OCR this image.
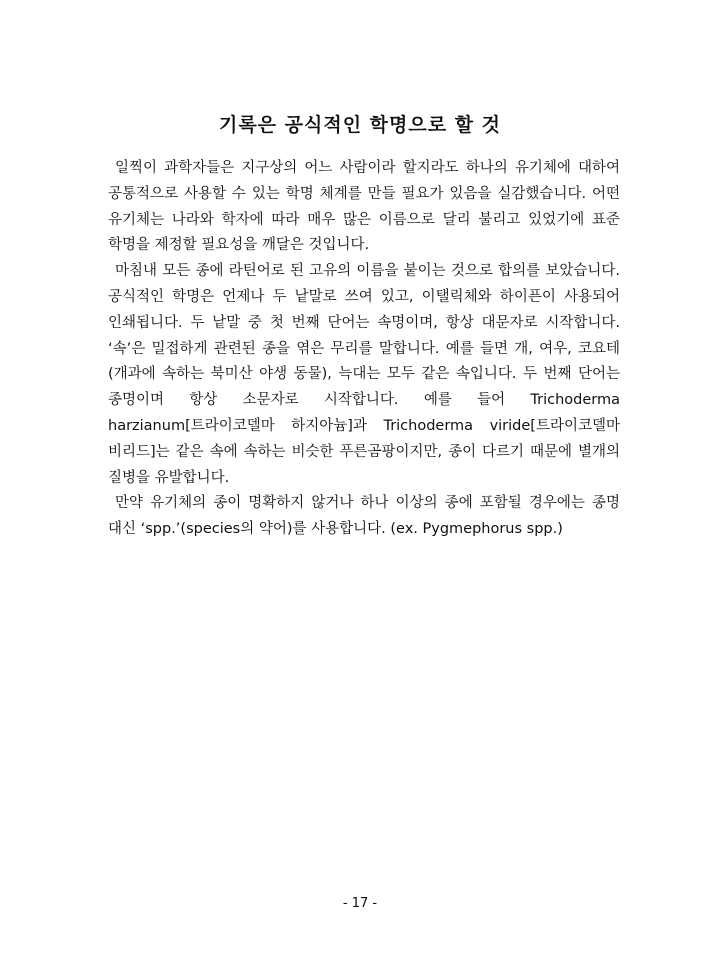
기록은 공식적인 학명으로 할 것

일찍이 과학자들은 지구상의 어느 사람이라 할지라도 하나의 유기체에 대하여 공통적으로 사용할 수 있는 학명 체계를 만들 필요가 있음을 실감했습니다. 어떤 유기체는 나라와 학자에 따라 매우 많은 이름으로 달리 불리고 있었기에 표준 학명을 제정할 필요성을 깨달은 것입니다.

마침내 모든 종에 라틴어로 된 고유의 이름을 붙이는 것으로 합의를 보았습니다. 공식적인 학명은 언제나 두 낱말로 쓰여 있고, 이탤릭체와 하이픈이 사용되어 인쇄됩니다. 두 낱말 중 첫 번째 단어는 속명이며, 항상 대문자로 시작합니다. ‘속’은 밀접하게 관련된 종을 엮은 무리를 말합니다. 예를 들면 개, 여우, 코요테(개과에 속하는 북미산 야생 동물), 늑대는 모두 같은 속입니다. 두 번째 단어는 종명이며 항상 소문자로 시작합니다. 예를 들어 Trichoderma harzianum[트라이코델마 하지아늄]과 Trichoderma viride[트라이코델마 비리드]는 같은 속에 속하는 비슷한 푸른곰팡이지만, 종이 다르기 때문에 별개의 질병을 유발합니다.

만약 유기체의 종이 명확하지 않거나 하나 이상의 종에 포함될 경우에는 종명 대신 ‘spp.’(species의 약어)를 사용합니다. (ex. Pygmephorus spp.)

- 17 -
